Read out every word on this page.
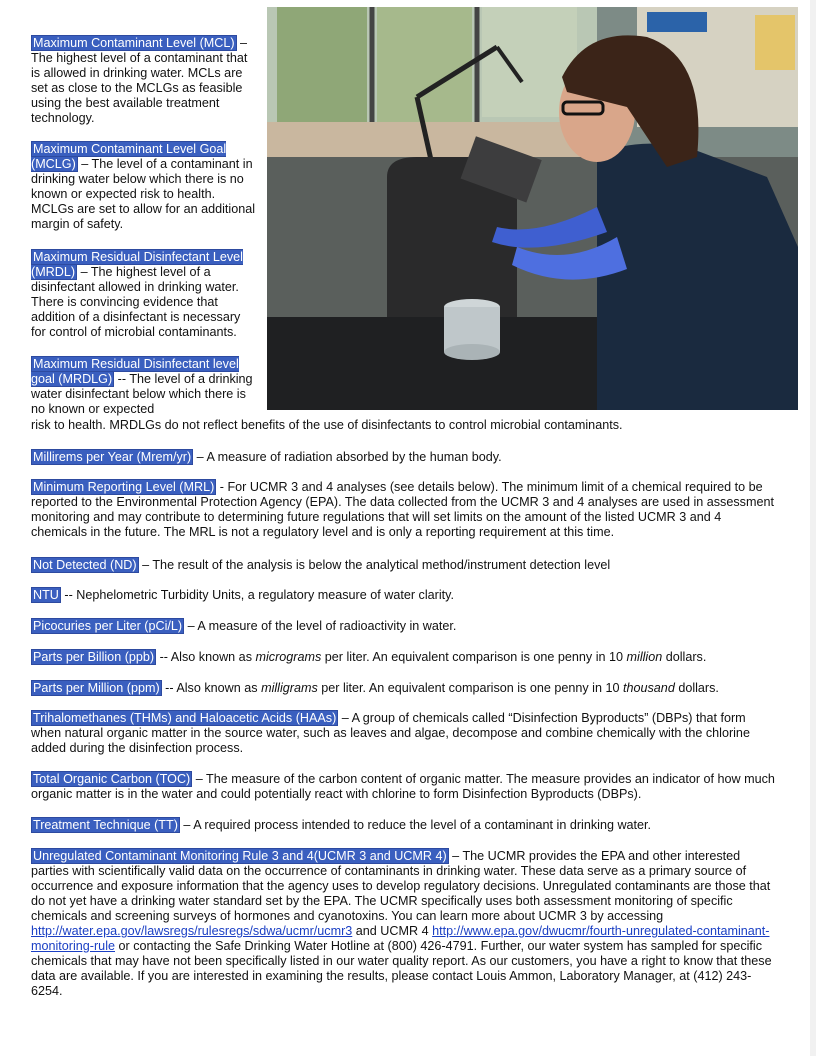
Maximum Contaminant Level (MCL) – The highest level of a contaminant that is allowed in drinking water. MCLs are set as close to the MCLGs as feasible using the best available treatment technology.

Maximum Contaminant Level Goal (MCLG) – The level of a contaminant in drinking water below which there is no known or expected risk to health. MCLGs are set to allow for an additional margin of safety.

Maximum Residual Disinfectant Level (MRDL) – The highest level of a disinfectant allowed in drinking water. There is convincing evidence that addition of a disinfectant is necessary for control of microbial contaminants.

Maximum Residual Disinfectant level goal (MRDLG) -- The level of a drinking water disinfectant below which there is no known or expected

risk to health. MRDLGs do not reflect benefits of the use of disinfectants to control microbial contaminants.

Millirems per Year (Mrem/yr) – A measure of radiation absorbed by the human body.

Minimum Reporting Level (MRL) - For UCMR 3 and 4 analyses (see details below). The minimum limit of a chemical required to be reported to the Environmental Protection Agency (EPA). The data collected from the UCMR 3 and 4 analyses are used in assessment monitoring and may contribute to determining future regulations that will set limits on the amount of the listed UCMR 3 and 4 chemicals in the future. The MRL is not a regulatory level and is only a reporting requirement at this time.

Not Detected (ND) – The result of the analysis is below the analytical method/instrument detection level

NTU -- Nephelometric Turbidity Units, a regulatory measure of water clarity.

Picocuries per Liter (pCi/L) – A measure of the level of radioactivity in water.

Parts per Billion (ppb) -- Also known as micrograms per liter. An equivalent comparison is one penny in 10 million dollars.

Parts per Million (ppm) -- Also known as milligrams per liter. An equivalent comparison is one penny in 10 thousand dollars.

Trihalomethanes (THMs) and Haloacetic Acids (HAAs) – A group of chemicals called “Disinfection Byproducts” (DBPs) that form when natural organic matter in the source water, such as leaves and algae, decompose and combine chemically with the chlorine added during the disinfection process.

Total Organic Carbon (TOC) – The measure of the carbon content of organic matter. The measure provides an indicator of how much organic matter is in the water and could potentially react with chlorine to form Disinfection Byproducts (DBPs).

Treatment Technique (TT) – A required process intended to reduce the level of a contaminant in drinking water.

Unregulated Contaminant Monitoring Rule 3 and 4(UCMR 3 and UCMR 4) – The UCMR provides the EPA and other interested parties with scientifically valid data on the occurrence of contaminants in drinking water. These data serve as a primary source of occurrence and exposure information that the agency uses to develop regulatory decisions. Unregulated contaminants are those that do not yet have a drinking water standard set by the EPA. The UCMR specifically uses both assessment monitoring of specific chemicals and screening surveys of hormones and cyanotoxins. You can learn more about UCMR 3 by accessing http://water.epa.gov/lawsregs/rulesregs/sdwa/ucmr/ucmr3 and UCMR 4 http://www.epa.gov/dwucmr/fourth-unregulated-contaminant-monitoring-rule or contacting the Safe Drinking Water Hotline at (800) 426-4791. Further, our water system has sampled for specific chemicals that may have not been specifically listed in our water quality report. As our customers, you have a right to know that these data are available. If you are interested in examining the results, please contact Louis Ammon, Laboratory Manager, at (412) 243-6254.
